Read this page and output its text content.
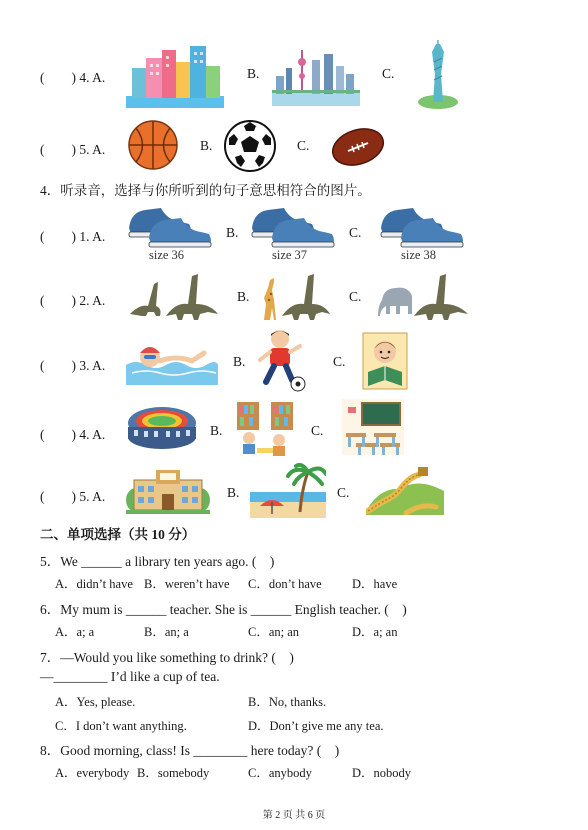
(　　) 4. A.	B.	C.
(　　) 5. A.	B.	C.
4．听录音，选择与你所听到的句子意思相符合的图片。
(　　) 1. A.
size 36
B.
size 37
C.
size 38
(　　) 2. A.	B.	C.
(　　) 3. A.	B.	C.
(　　) 4. A.	B.	C.
(　　) 5. A.	B.	C.
二、单项选择（共 10 分）
5．We ______ a library ten years ago. (　)
A．didn’t have B．weren’t have C．don’t have D．have
6．My mum is ______ teacher. She is ______ English teacher. (　)
A．a; a	B．an; a	C．an; an	D．a; an
7．—Would you like something to drink? (　)
—________ I’d like a cup of tea.
A．Yes, please.	B．No, thanks.
C．I don’t want anything.	D．Don’t give me any tea.
8．Good morning, class! Is ________ here today? (　)
A．everybody B．somebody	C．anybody	D．nobody
第 2 页 共 6 页
